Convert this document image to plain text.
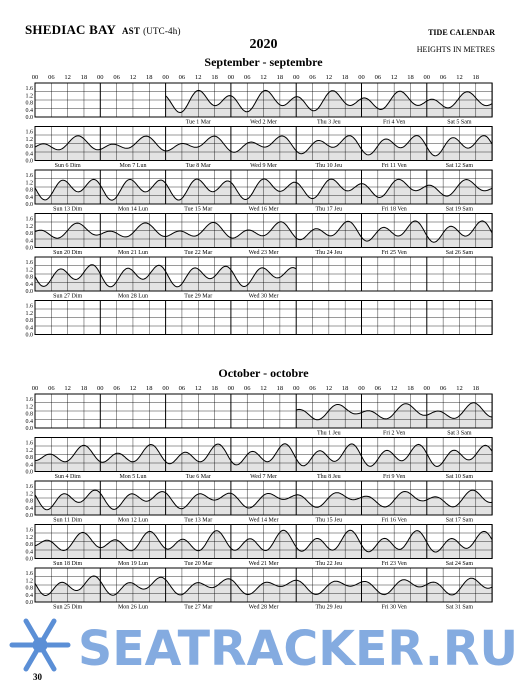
SHEDIAC BAY AST (UTC-4h)
2020
TIDE CALENDAR
HEIGHTS IN METRES
September - septembre
October - octobre
00 06 12 18 00 06 12 18 00 06 12 18 00 06 12 18 00 06 12 18 00 06 12 18 00 06 12 18
1.6
1.2
0.8
0.4
0.0
Tue 1 Mar	Wed 2 Mer	Thu 3 Jeu	Fri 4 Ven	Sat 5 Sam
1.6
1.2
0.8
0.4
0.0
Sun 6 Dim	Mon 7 Lun	Tue 8 Mar	Wed 9 Mer	Thu 10 Jeu	Fri 11 Ven	Sat 12 Sam
1.6
1.2
0.8
0.4
0.0
Sun 13 Dim	Mon 14 Lun	Tue 15 Mar	Wed 16 Mer	Thu 17 Jeu	Fri 18 Ven	Sat 19 Sam
1.6
1.2
0.8
0.4
0.0
Sun 20 Dim	Mon 21 Lun	Tue 22 Mar	Wed 23 Mer	Thu 24 Jeu	Fri 25 Ven	Sat 26 Sam
1.6
1.2
0.8
0.4
0.0
Sun 27 Dim	Mon 28 Lun	Tue 29 Mar	Wed 30 Mer
1.6
1.2
0.8
0.4
0.0
00 06 12 18 00 06 12 18 00 06 12 18 00 06 12 18 00 06 12 18 00 06 12 18 00 06 12 18
1.6
1.2
0.8
0.4
0.0
Thu 1 Jeu	Fri 2 Ven	Sat 3 Sam
1.6
1.2
0.8
0.4
0.0
Sun 4 Dim	Mon 5 Lun	Tue 6 Mar	Wed 7 Mer	Thu 8 Jeu	Fri 9 Ven	Sat 10 Sam
1.6
1.2
0.8
0.4
0.0
Sun 11 Dim	Mon 12 Lun	Tue 13 Mar	Wed 14 Mer	Thu 15 Jeu	Fri 16 Ven	Sat 17 Sam
1.6
1.2
0.8
0.4
0.0
Sun 18 Dim	Mon 19 Lun	Tue 20 Mar	Wed 21 Mer	Thu 22 Jeu	Fri 23 Ven	Sat 24 Sam
1.6
1.2
0.8
0.4
0.0
Sun 25 Dim	Mon 26 Lun	Tue 27 Mar	Wed 28 Mer	Thu 29 Jeu	Fri 30 Ven	Sat 31 Sam
SEATRACKER.RU
30
